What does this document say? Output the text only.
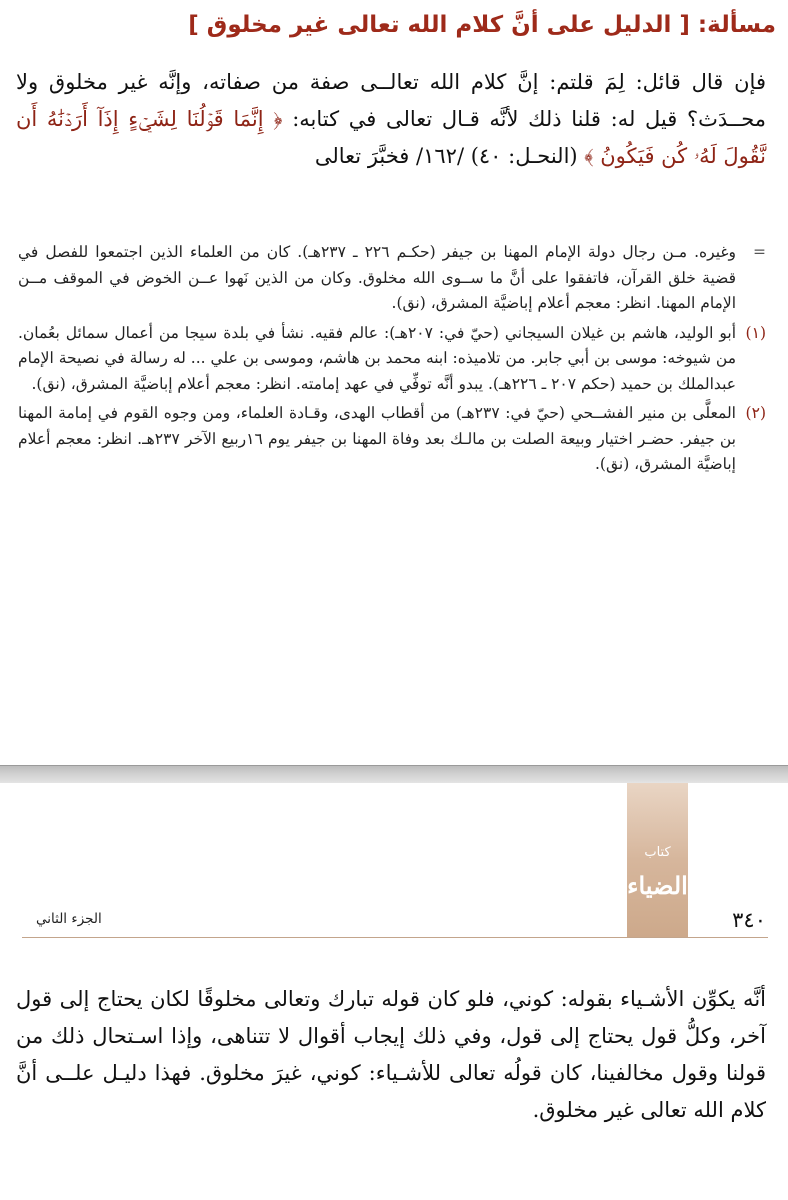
مسألة: [ الدليل على أنَّ كلام الله تعالى غير مخلوق ]
فإن قال قائل: لِمَ قلتم: إنَّ كلام الله تعالــى صفة من صفاته، وإنَّه غير مخلوق ولا محــدَث؟ قيل له: قلنا ذلك لأنَّه قـال تعالى في كتابه: ﴿ إِنَّمَا قَوۡلُنَا لِشَيۡءٍ إِذَآ أَرَدۡنَٰهُ أَن نَّقُولَ لَهُۥ كُن فَيَكُونُ ﴾ (النحـل: ٤٠) /١٦٢/ فخبَّرَ تعالى
=
وغيره. مـن رجال دولة الإمام المهنا بن جيفر (حكـم ٢٢٦ ـ ٢٣٧هـ). كان من العلماء الذين اجتمعوا للفصل في قضية خلق القرآن، فاتفقوا على أنَّ ما ســوى الله مخلوق. وكان من الذين نَهوا عــن الخوض في الموقف مــن الإمام المهنا. انظر: معجم أعلام إباضيَّة المشرق، (نق).
(١)
أبو الوليد، هاشم بن غيلان السيجاني (حيّ في: ٢٠٧هـ): عالم فقيه. نشأ في بلدة سيجا من أعمال سمائل بعُمان. من شيوخه: موسى بن أبي جابر. من تلاميذه: ابنه محمد بن هاشم، وموسى بن علي ... له رسالة في نصيحة الإمام عبدالملك بن حميد (حكم ٢٠٧ ـ ٢٢٦هـ). يبدو أنَّه توفِّي في عهد إمامته. انظر: معجم أعلام إباضيَّة المشرق، (نق).
(٢)
المعلَّى بن منير الفشــحي (حيّ في: ٢٣٧هـ) من أقطاب الهدى، وقـادة العلماء، ومن وجوه القوم في إمامة المهنا بن جيفر. حضـر اختيار وبيعة الصلت بن مالـك بعد وفاة المهنا بن جيفر يوم ١٦ربيع الآخر ٢٣٧هـ. انظر: معجم أعلام إباضيَّة المشرق، (نق).
كتاب
الضياء
٣٤٠
الجزء الثاني
أنَّه يكوِّن الأشـياء بقوله: كوني، فلو كان قوله تبارك وتعالى مخلوقًا لكان يحتاج إلى قول آخر، وكلُّ قول يحتاج إلى قول، وفي ذلك إيجاب أقوال لا تتناهى، وإذا اسـتحال ذلك من قولنا وقول مخالفينا، كان قولُه تعالى للأشـياء: كوني، غيرَ مخلوق. فهذا دليـل علــى أنَّ كلام الله تعالى غير مخلوق.
